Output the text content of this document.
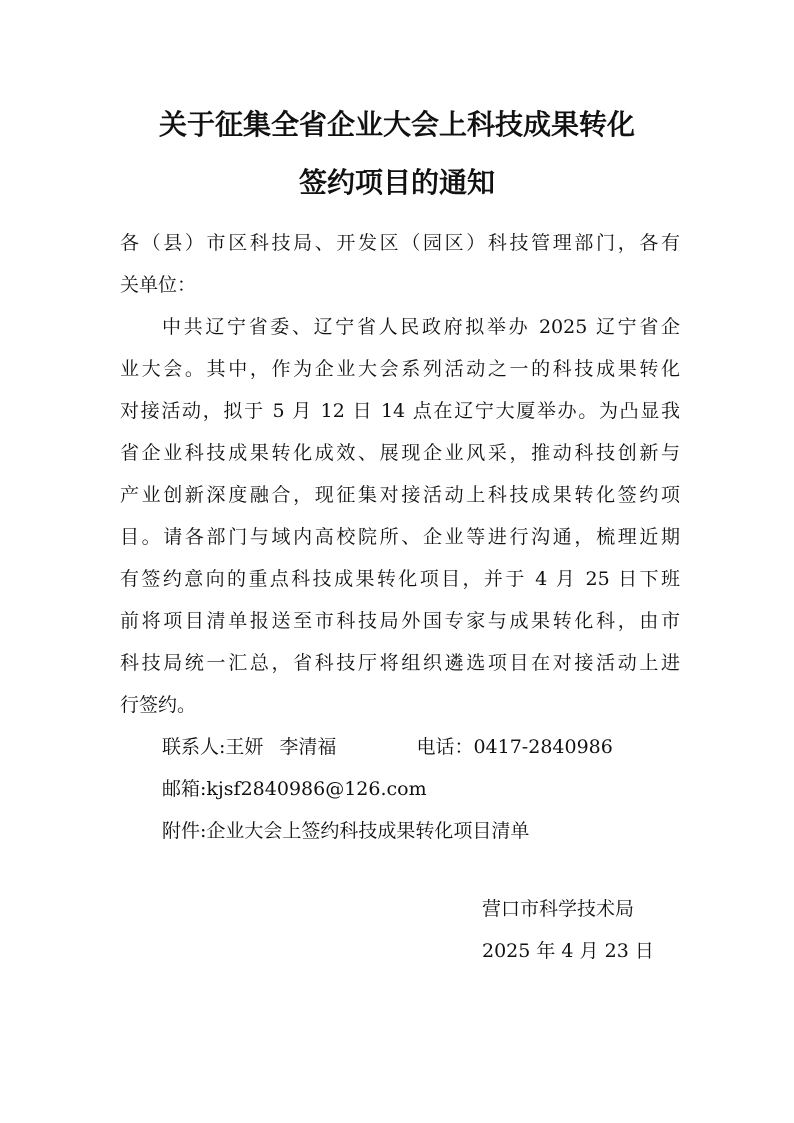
关于征集全省企业大会上科技成果转化
签约项目的通知
各（县）市区科技局、开发区（园区）科技管理部门，各有
关单位：
中共辽宁省委、辽宁省人民政府拟举办 2025 辽宁省企
业大会。其中，作为企业大会系列活动之一的科技成果转化
对接活动，拟于 5 月 12 日 14 点在辽宁大厦举办。为凸显我
省企业科技成果转化成效、展现企业风采，推动科技创新与
产业创新深度融合，现征集对接活动上科技成果转化签约项
目。请各部门与域内高校院所、企业等进行沟通，梳理近期
有签约意向的重点科技成果转化项目，并于 4 月 25 日下班
前将项目清单报送至市科技局外国专家与成果转化科，由市
科技局统一汇总，省科技厅将组织遴选项目在对接活动上进
行签约。
联系人:王妍 李清福	电话：0417-2840986
邮箱:kjsf2840986@126.com
附件:企业大会上签约科技成果转化项目清单
营口市科学技术局
2025 年 4 月 23 日
